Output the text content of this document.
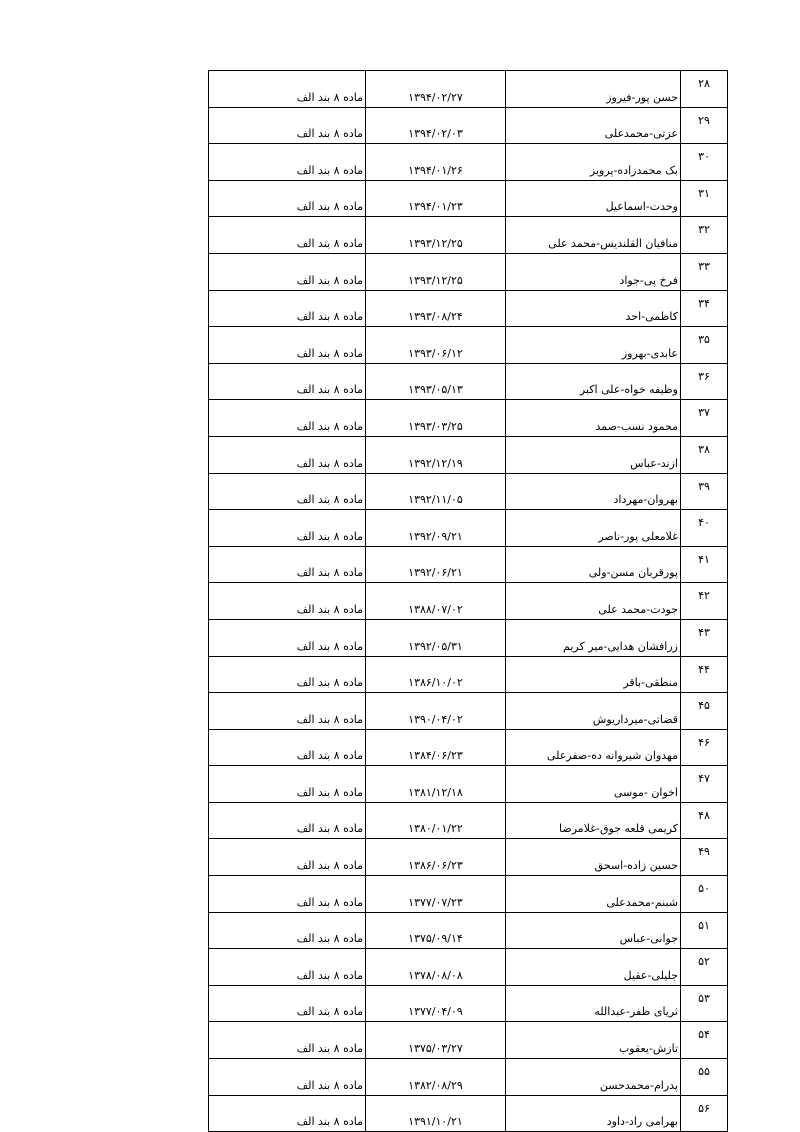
۲۸	حسن پور-فیروز	۱۳۹۴/۰۲/۲۷	ماده ۸ بند الف
۲۹	عزتی-محمدعلی	۱۳۹۴/۰۲/۰۳	ماده ۸ بند الف
۳۰	بک محمدزاده-پرویز	۱۳۹۴/۰۱/۲۶	ماده ۸ بند الف
۳۱	وحدت-اسماعیل	۱۳۹۴/۰۱/۲۳	ماده ۸ بند الف
۳۲	منافیان القلندیس-محمد علی	۱۳۹۳/۱۲/۲۵	ماده ۸ بند الف
۳۳	فرخ پی-جواد	۱۳۹۳/۱۲/۲۵	ماده ۸ بند الف
۳۴	کاظمی-احد	۱۳۹۳/۰۸/۲۴	ماده ۸ بند الف
۳۵	عابدی-بهروز	۱۳۹۳/۰۶/۱۲	ماده ۸ بند الف
۳۶	وظیفه خواه-علی اکبر	۱۳۹۳/۰۵/۱۳	ماده ۸ بند الف
۳۷	محمود نسب-صمد	۱۳۹۳/۰۳/۲۵	ماده ۸ بند الف
۳۸	ازند-عباس	۱۳۹۲/۱۲/۱۹	ماده ۸ بند الف
۳۹	بهروان-مهرداد	۱۳۹۲/۱۱/۰۵	ماده ۸ بند الف
۴۰	غلامعلی پور-ناصر	۱۳۹۲/۰۹/۲۱	ماده ۸ بند الف
۴۱	پورقربان مسن-ولی	۱۳۹۲/۰۶/۲۱	ماده ۸ بند الف
۴۲	جودت-محمد علی	۱۳۸۸/۰۷/۰۲	ماده ۸ بند الف
۴۳	زرافشان هدایی-میر کریم	۱۳۹۲/۰۵/۳۱	ماده ۸ بند الف
۴۴	منطقی-باقر	۱۳۸۶/۱۰/۰۲	ماده ۸ بند الف
۴۵	قضاتی-میرداریوش	۱۳۹۰/۰۴/۰۲	ماده ۸ بند الف
۴۶	مهدوان شیروانه ده-صفرعلی	۱۳۸۴/۰۶/۲۳	ماده ۸ بند الف
۴۷	اخوان -موسی	۱۳۸۱/۱۲/۱۸	ماده ۸ بند الف
۴۸	کریمی قلعه جوق-غلامرضا	۱۳۸۰/۰۱/۲۲	ماده ۸ بند الف
۴۹	حسین زاده-اسحق	۱۳۸۶/۰۶/۲۳	ماده ۸ بند الف
۵۰	شبنم-محمدعلی	۱۳۷۷/۰۷/۲۳	ماده ۸ بند الف
۵۱	جوانی-عباس	۱۳۷۵/۰۹/۱۴	ماده ۸ بند الف
۵۲	جلیلی-عقیل	۱۳۷۸/۰۸/۰۸	ماده ۸ بند الف
۵۳	ثریای ظفر-عبدالله	۱۳۷۷/۰۴/۰۹	ماده ۸ بند الف
۵۴	تازش-یعقوب	۱۳۷۵/۰۳/۲۷	ماده ۸ بند الف
۵۵	پدرام-محمدحسن	۱۳۸۲/۰۸/۲۹	ماده ۸ بند الف
۵۶	بهرامی راد-داود	۱۳۹۱/۱۰/۲۱	ماده ۸ بند الف
